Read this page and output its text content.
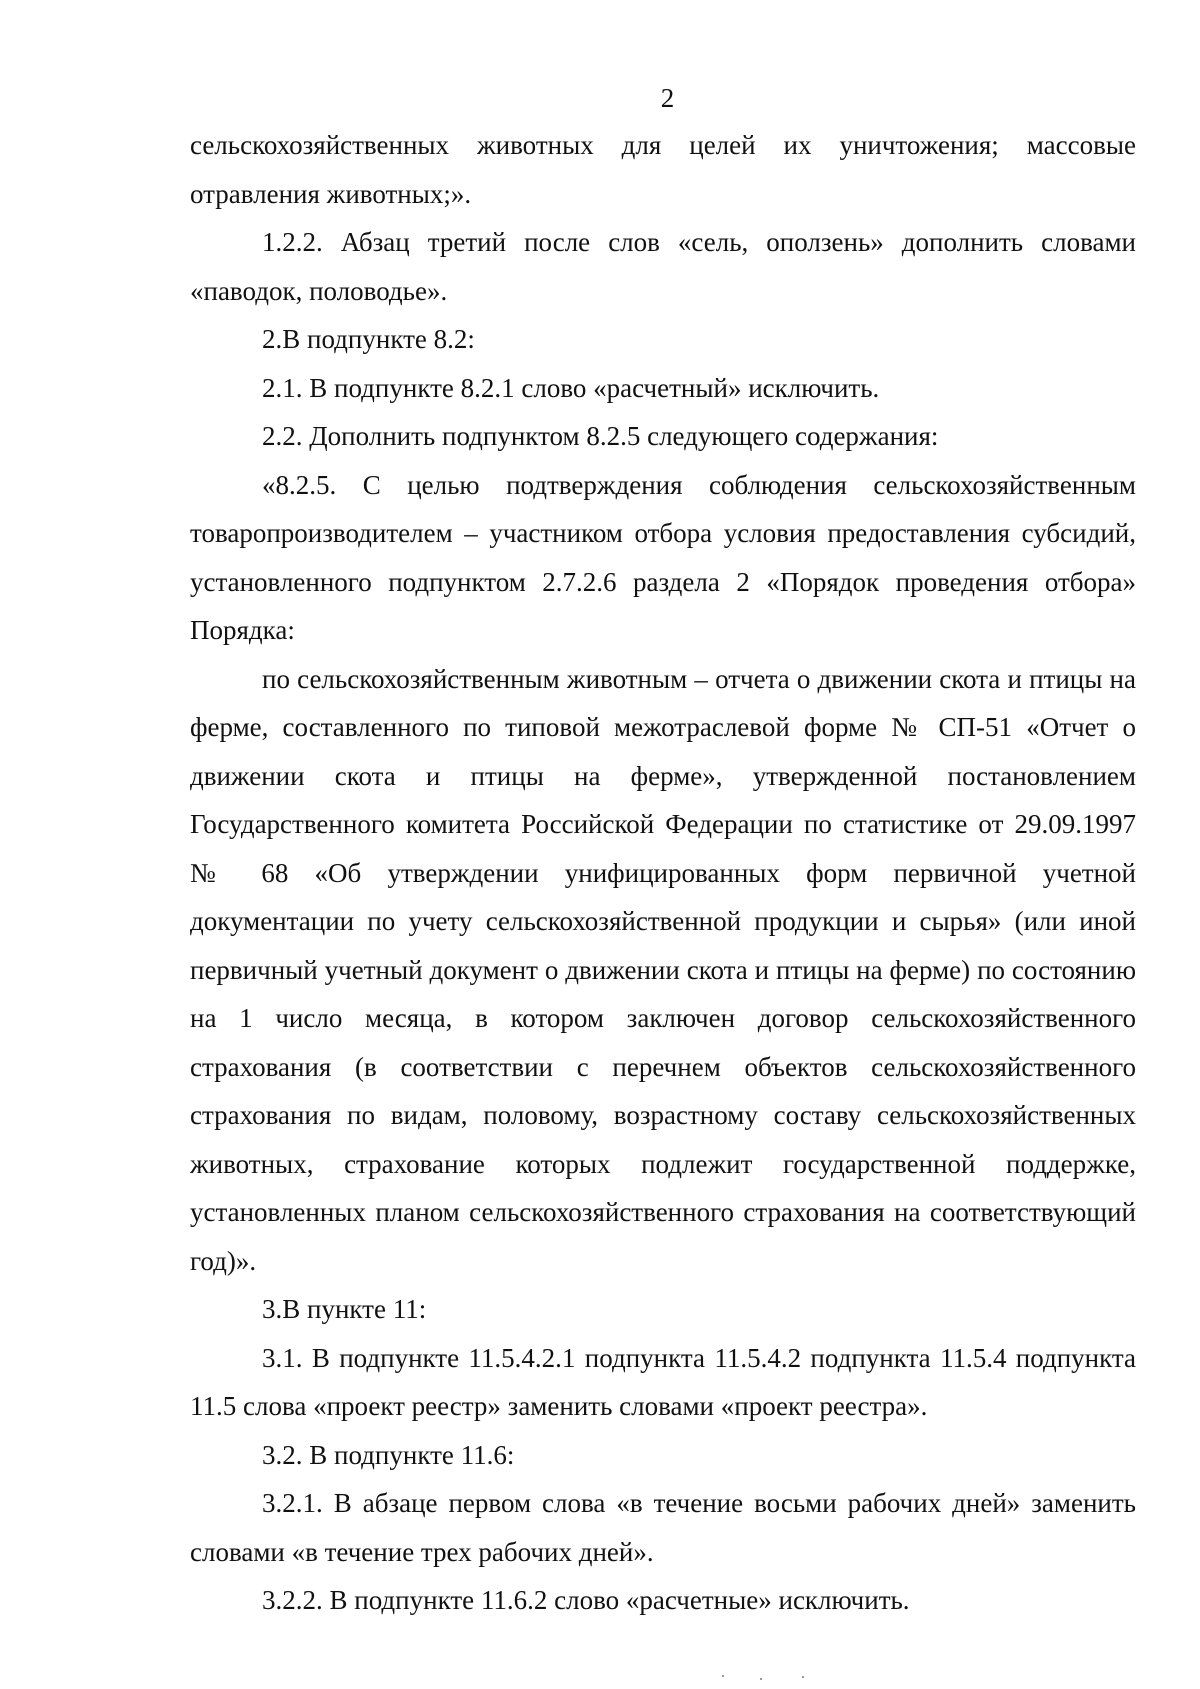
2

сельскохозяйственных животных для целей их уничтожения; массовые отравления животных;».

1.2.2. Абзац третий после слов «сель, оползень» дополнить словами «паводок, половодье».

2.В подпункте 8.2:

2.1. В подпункте 8.2.1 слово «расчетный» исключить.

2.2. Дополнить подпунктом 8.2.5 следующего содержания:

«8.2.5. С целью подтверждения соблюдения сельскохозяйственным товаропроизводителем – участником отбора условия предоставления субсидий, установленного подпунктом 2.7.2.6 раздела 2 «Порядок проведения отбора» Порядка:

по сельскохозяйственным животным – отчета о движении скота и птицы на ферме, составленного по типовой межотраслевой форме № СП-51 «Отчет о движении скота и птицы на ферме», утвержденной постановлением Государственного комитета Российской Федерации по статистике от 29.09.1997 № 68 «Об утверждении унифицированных форм первичной учетной документации по учету сельскохозяйственной продукции и сырья» (или иной первичный учетный документ о движении скота и птицы на ферме) по состоянию на 1 число месяца, в котором заключен договор сельскохозяйственного страхования (в соответствии с перечнем объектов сельскохозяйственного страхования по видам, половому, возрастному составу сельскохозяйственных животных, страхование которых подлежит государственной поддержке, установленных планом сельскохозяйственного страхования на соответствующий год)».

3.В пункте 11:

3.1. В подпункте 11.5.4.2.1 подпункта 11.5.4.2 подпункта 11.5.4 подпункта 11.5 слова «проект реестр» заменить словами «проект реестра».

3.2. В подпункте 11.6:

3.2.1. В абзаце первом слова «в течение восьми рабочих дней» заменить словами «в течение трех рабочих дней».

3.2.2. В подпункте 11.6.2 слово «расчетные» исключить.
